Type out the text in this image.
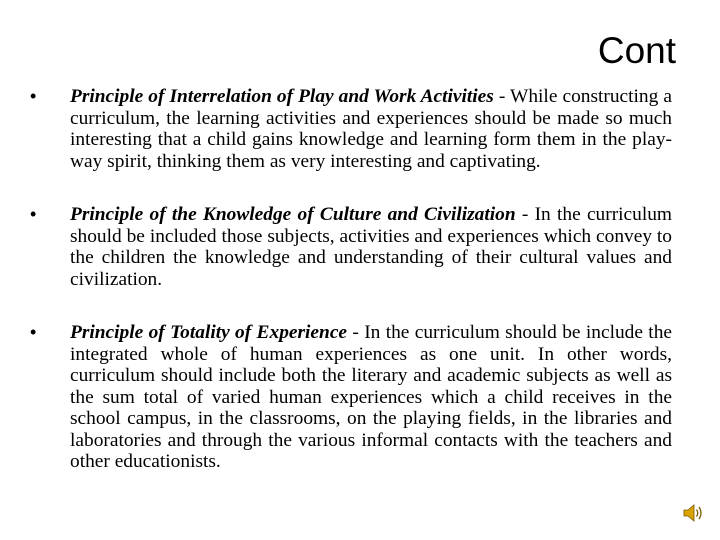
Cont
• Principle of Interrelation of Play and Work Activities - While constructing a curriculum, the learning activities and experiences should be made so much interesting that a child gains knowledge and learning form them in the play-way spirit, thinking them as very interesting and captivating.
• Principle of the Knowledge of Culture and Civilization - In the curriculum should be included those subjects, activities and experiences which convey to the children the knowledge and understanding of their cultural values and civilization.
• Principle of Totality of Experience - In the curriculum should be include the integrated whole of human experiences as one unit. In other words, curriculum should include both the literary and academic subjects as well as the sum total of varied human experiences which a child receives in the school campus, in the classrooms, on the playing fields, in the libraries and laboratories and through the various informal contacts with the teachers and other educationists.
